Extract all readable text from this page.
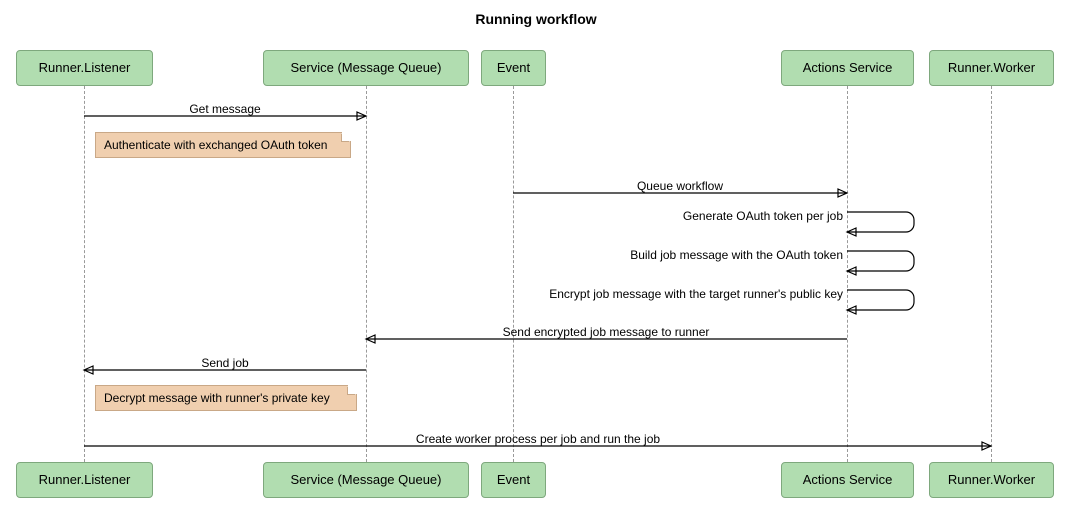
Running workflow
Runner.Listener	Service (Message Queue)	Event	Actions Service	Runner.Worker
Runner.Listener	Service (Message Queue)	Event	Actions Service	Runner.Worker
Get message
Queue workflow
Generate OAuth token per job
Build job message with the OAuth token
Encrypt job message with the target runner's public key
Send encrypted job message to runner
Send job
Create worker process per job and run the job
Authenticate with exchanged OAuth token
Decrypt message with runner's private key
